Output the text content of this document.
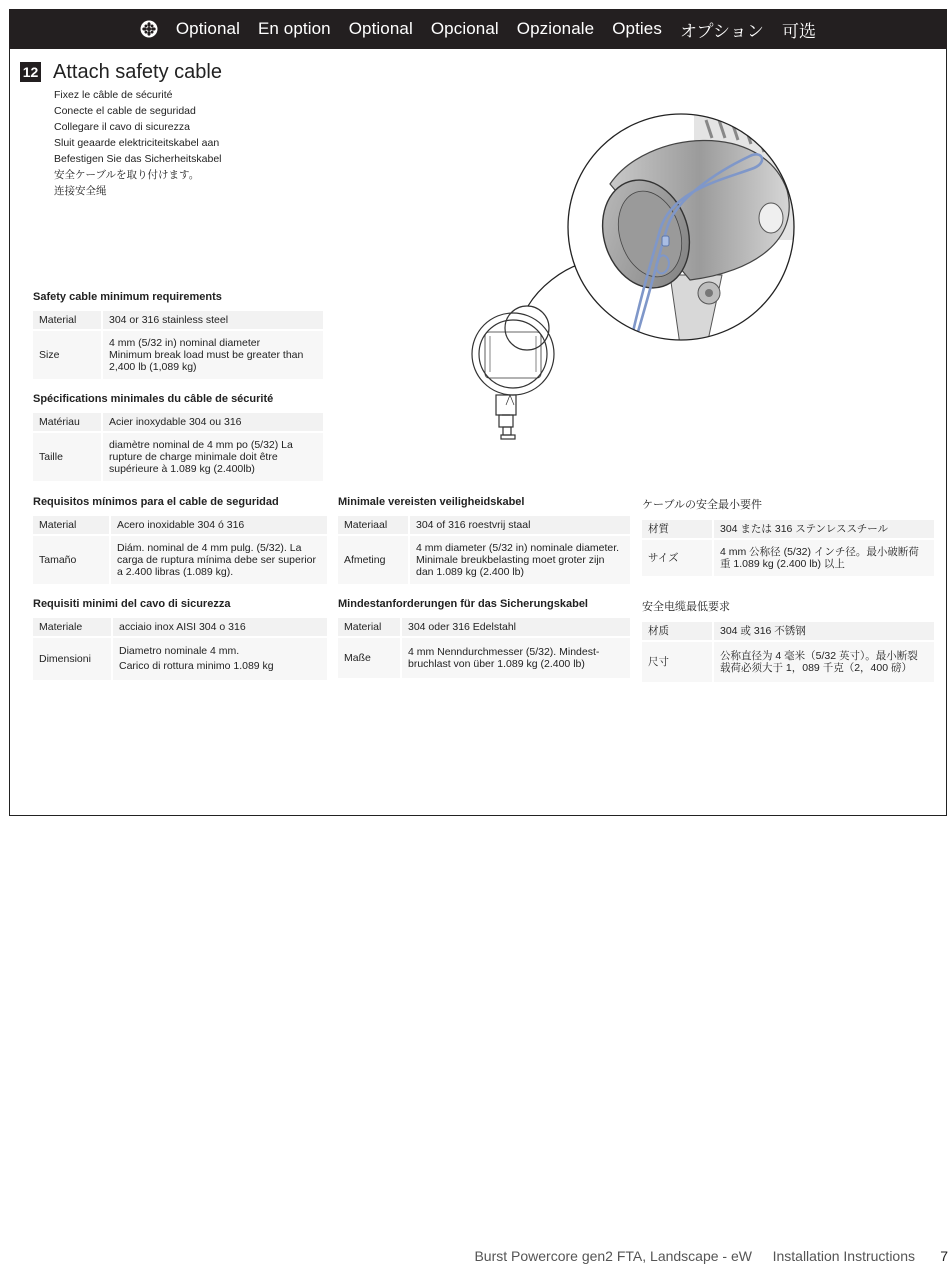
Optional En option Optional Opcional Opzionale Opties オプション 可选
12 Attach safety cable
Fixez le câble de sécurité
Conecte el cable de seguridad
Collegare il cavo di sicurezza
Sluit geaarde elektriciteitskabel aan
Befestigen Sie das Sicherheitskabel
安全ケーブルを取り付けます。
连接安全绳
Safety cable minimum requirements
Material	304 or 316 stainless steel
Size	4 mm (5/32 in) nominal diameter
Minimum break load must be greater than 2,400 lb (1,089 kg)
Spécifications minimales du câble de sécurité
Matériau	Acier inoxydable 304 ou 316
Taille	diamètre nominal de 4 mm po (5/32) La rupture de charge minimale doit être supérieure à 1.089 kg (2.400lb)
Requisitos mínimos para el cable de seguridad
Material	Acero inoxidable 304 ó 316
Tamaño	Diám. nominal de 4 mm pulg. (5/32). La carga de ruptura mínima debe ser superior a 2.400 libras (1.089 kg).
Minimale vereisten veiligheidskabel
Materiaal	304 of 316 roestvrij staal
Afmeting	4 mm diameter (5/32 in) nominale diameter. Minimale breukbelasting moet groter zijn dan 1.089 kg (2.400 lb)
ケーブルの安全最小要件
材質	304 または 316 ステンレススチール
サイズ	4 mm 公称径 (5/32) インチ径。最小破断荷重 1.089 kg (2.400 lb) 以上
Requisiti minimi del cavo di sicurezza
Materiale	acciaio inox AISI 304 o 316
Dimensioni	Diametro nominale 4 mm.
Carico di rottura minimo 1.089 kg
Mindestanforderungen für das Sicherungskabel
Material	304 oder 316 Edelstahl
Maße	4 mm Nenndurchmesser (5/32). Mindest-bruchlast von über 1.089 kg (2.400 lb)
安全电缆最低要求
材质	304 或 316 不锈钢
尺寸	公称直径为 4 毫米（5/32 英寸）。最小断裂载荷必须大于 1，089 千克（2，400 磅）
Burst Powercore gen2 FTA, Landscape - eW Installation Instructions 7
